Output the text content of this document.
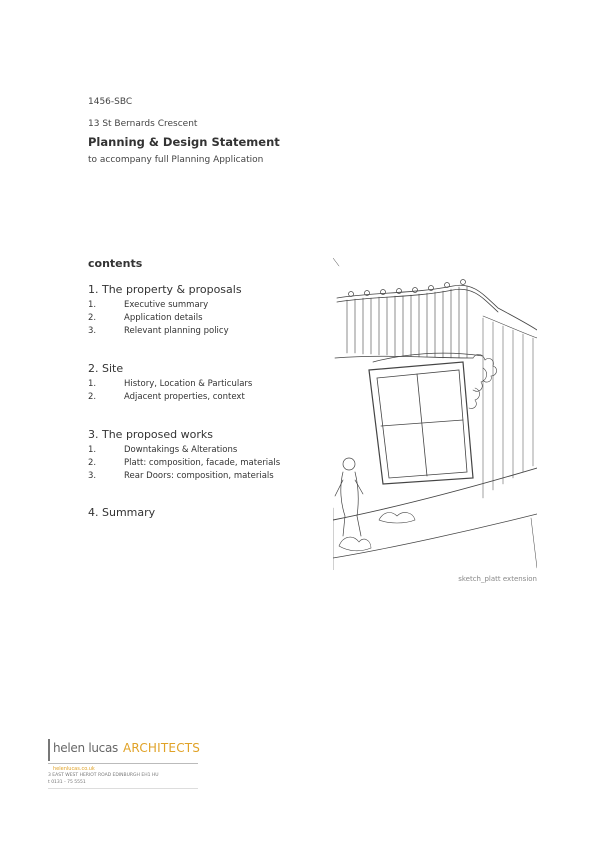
1456-SBC
13 St Bernards Crescent
Planning & Design Statement
to accompany full Planning Application
contents
1. The property & proposals
1.	Executive summary
2.	Application details
3.	Relevant planning policy
2. Site
1.	History, Location & Particulars
2.	Adjacent properties, context
3. The proposed works
1.	Downtakings & Alterations
2.	Platt: composition, facade, materials
3.	Rear Doors: composition, materials
4. Summary
sketch_platt extension
helen lucas ARCHITECTS
helenlucas.co.uk
3 EAST WEST HERIOT ROAD EDINBURGH EH1 HU
t 0131 - 75 5551
